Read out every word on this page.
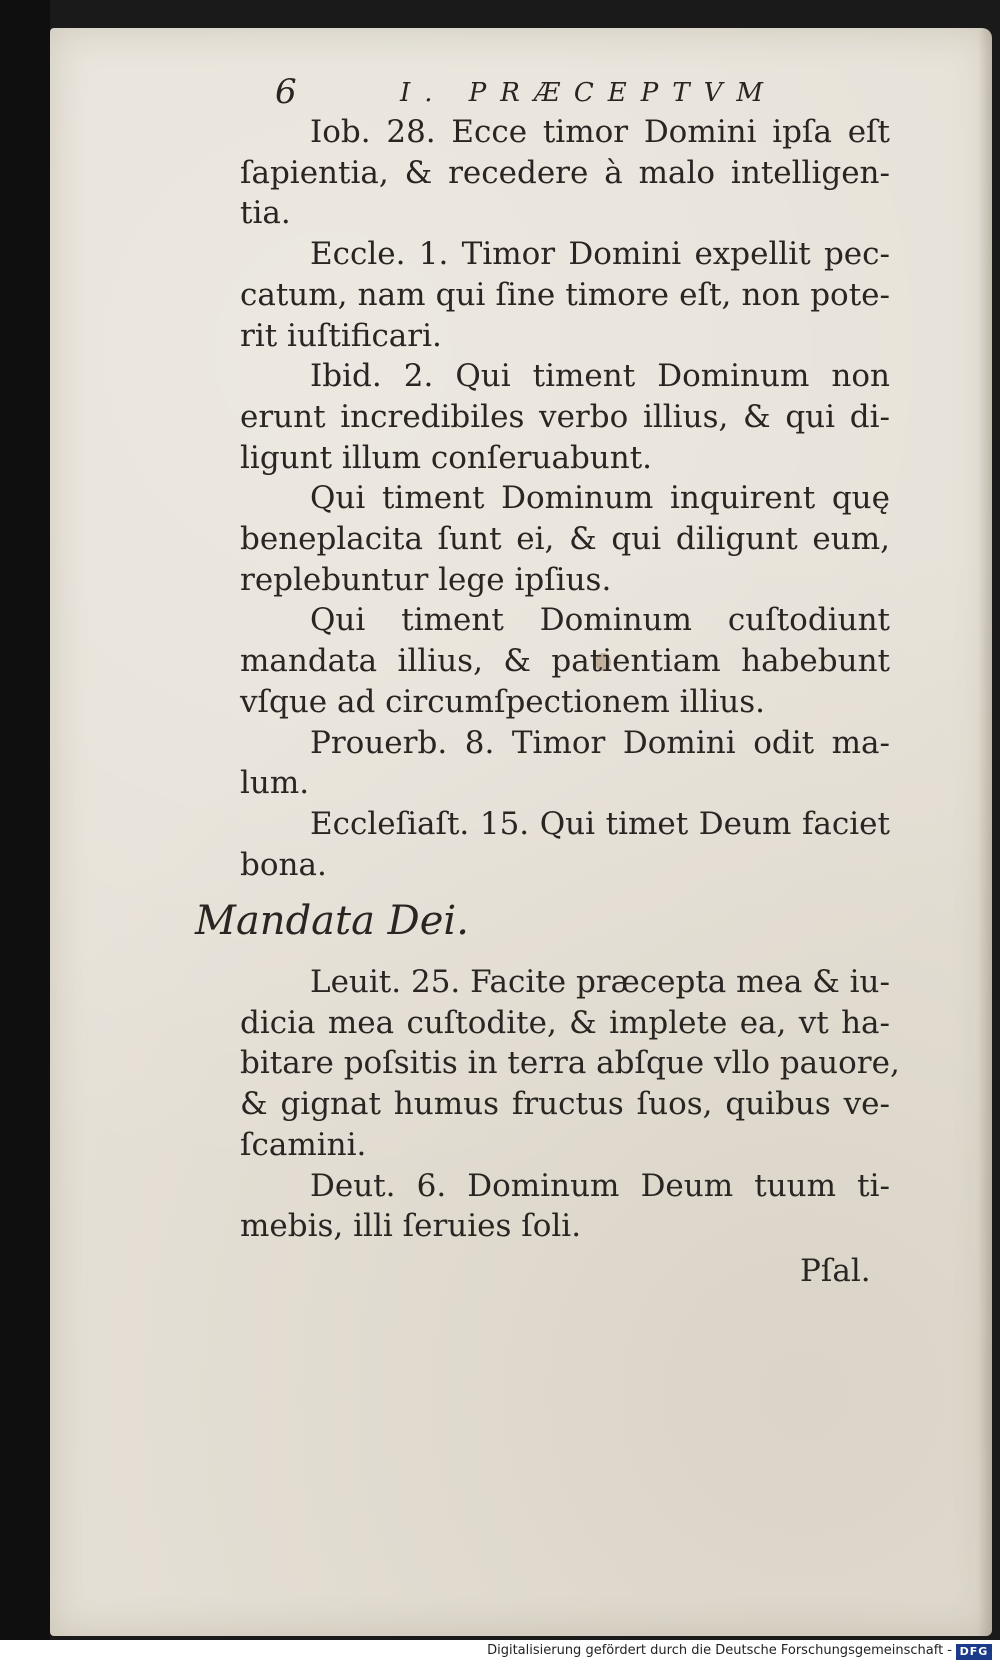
6	I. PRÆCEPTVM
Iob. 28. Ecce timor Domini ipſa eſt
ſapientia, & recedere à malo intelligen-
tia.
Eccle. 1. Timor Domini expellit pec-
catum, nam qui ſine timore eſt, non pote-
rit iuſtificari.
Ibid. 2. Qui timent Dominum non
erunt incredibiles verbo illius, & qui di-
ligunt illum conſeruabunt.
Qui timent Dominum inquirent quę
beneplacita ſunt ei, & qui diligunt eum,
replebuntur lege ipſius.
Qui timent Dominum cuſtodiunt
mandata illius, & patientiam habebunt
vſque ad circumſpectionem illius.
Prouerb. 8. Timor Domini odit ma-
lum.
Eccleſiaſt. 15. Qui timet Deum faciet
bona.
Leuit. 25. Facite præcepta mea & iu-
dicia mea cuſtodite, & implete ea, vt ha-
bitare poſsitis in terra abſque vllo pauore,
& gignat humus fructus ſuos, quibus ve-
ſcamini.
Deut. 6. Dominum Deum tuum ti-
mebis, illi ſeruies ſoli.
Mandata Dei.
Pſal.
Digitalisierung gefördert durch die Deutsche Forschungsgemeinschaft - DFG
